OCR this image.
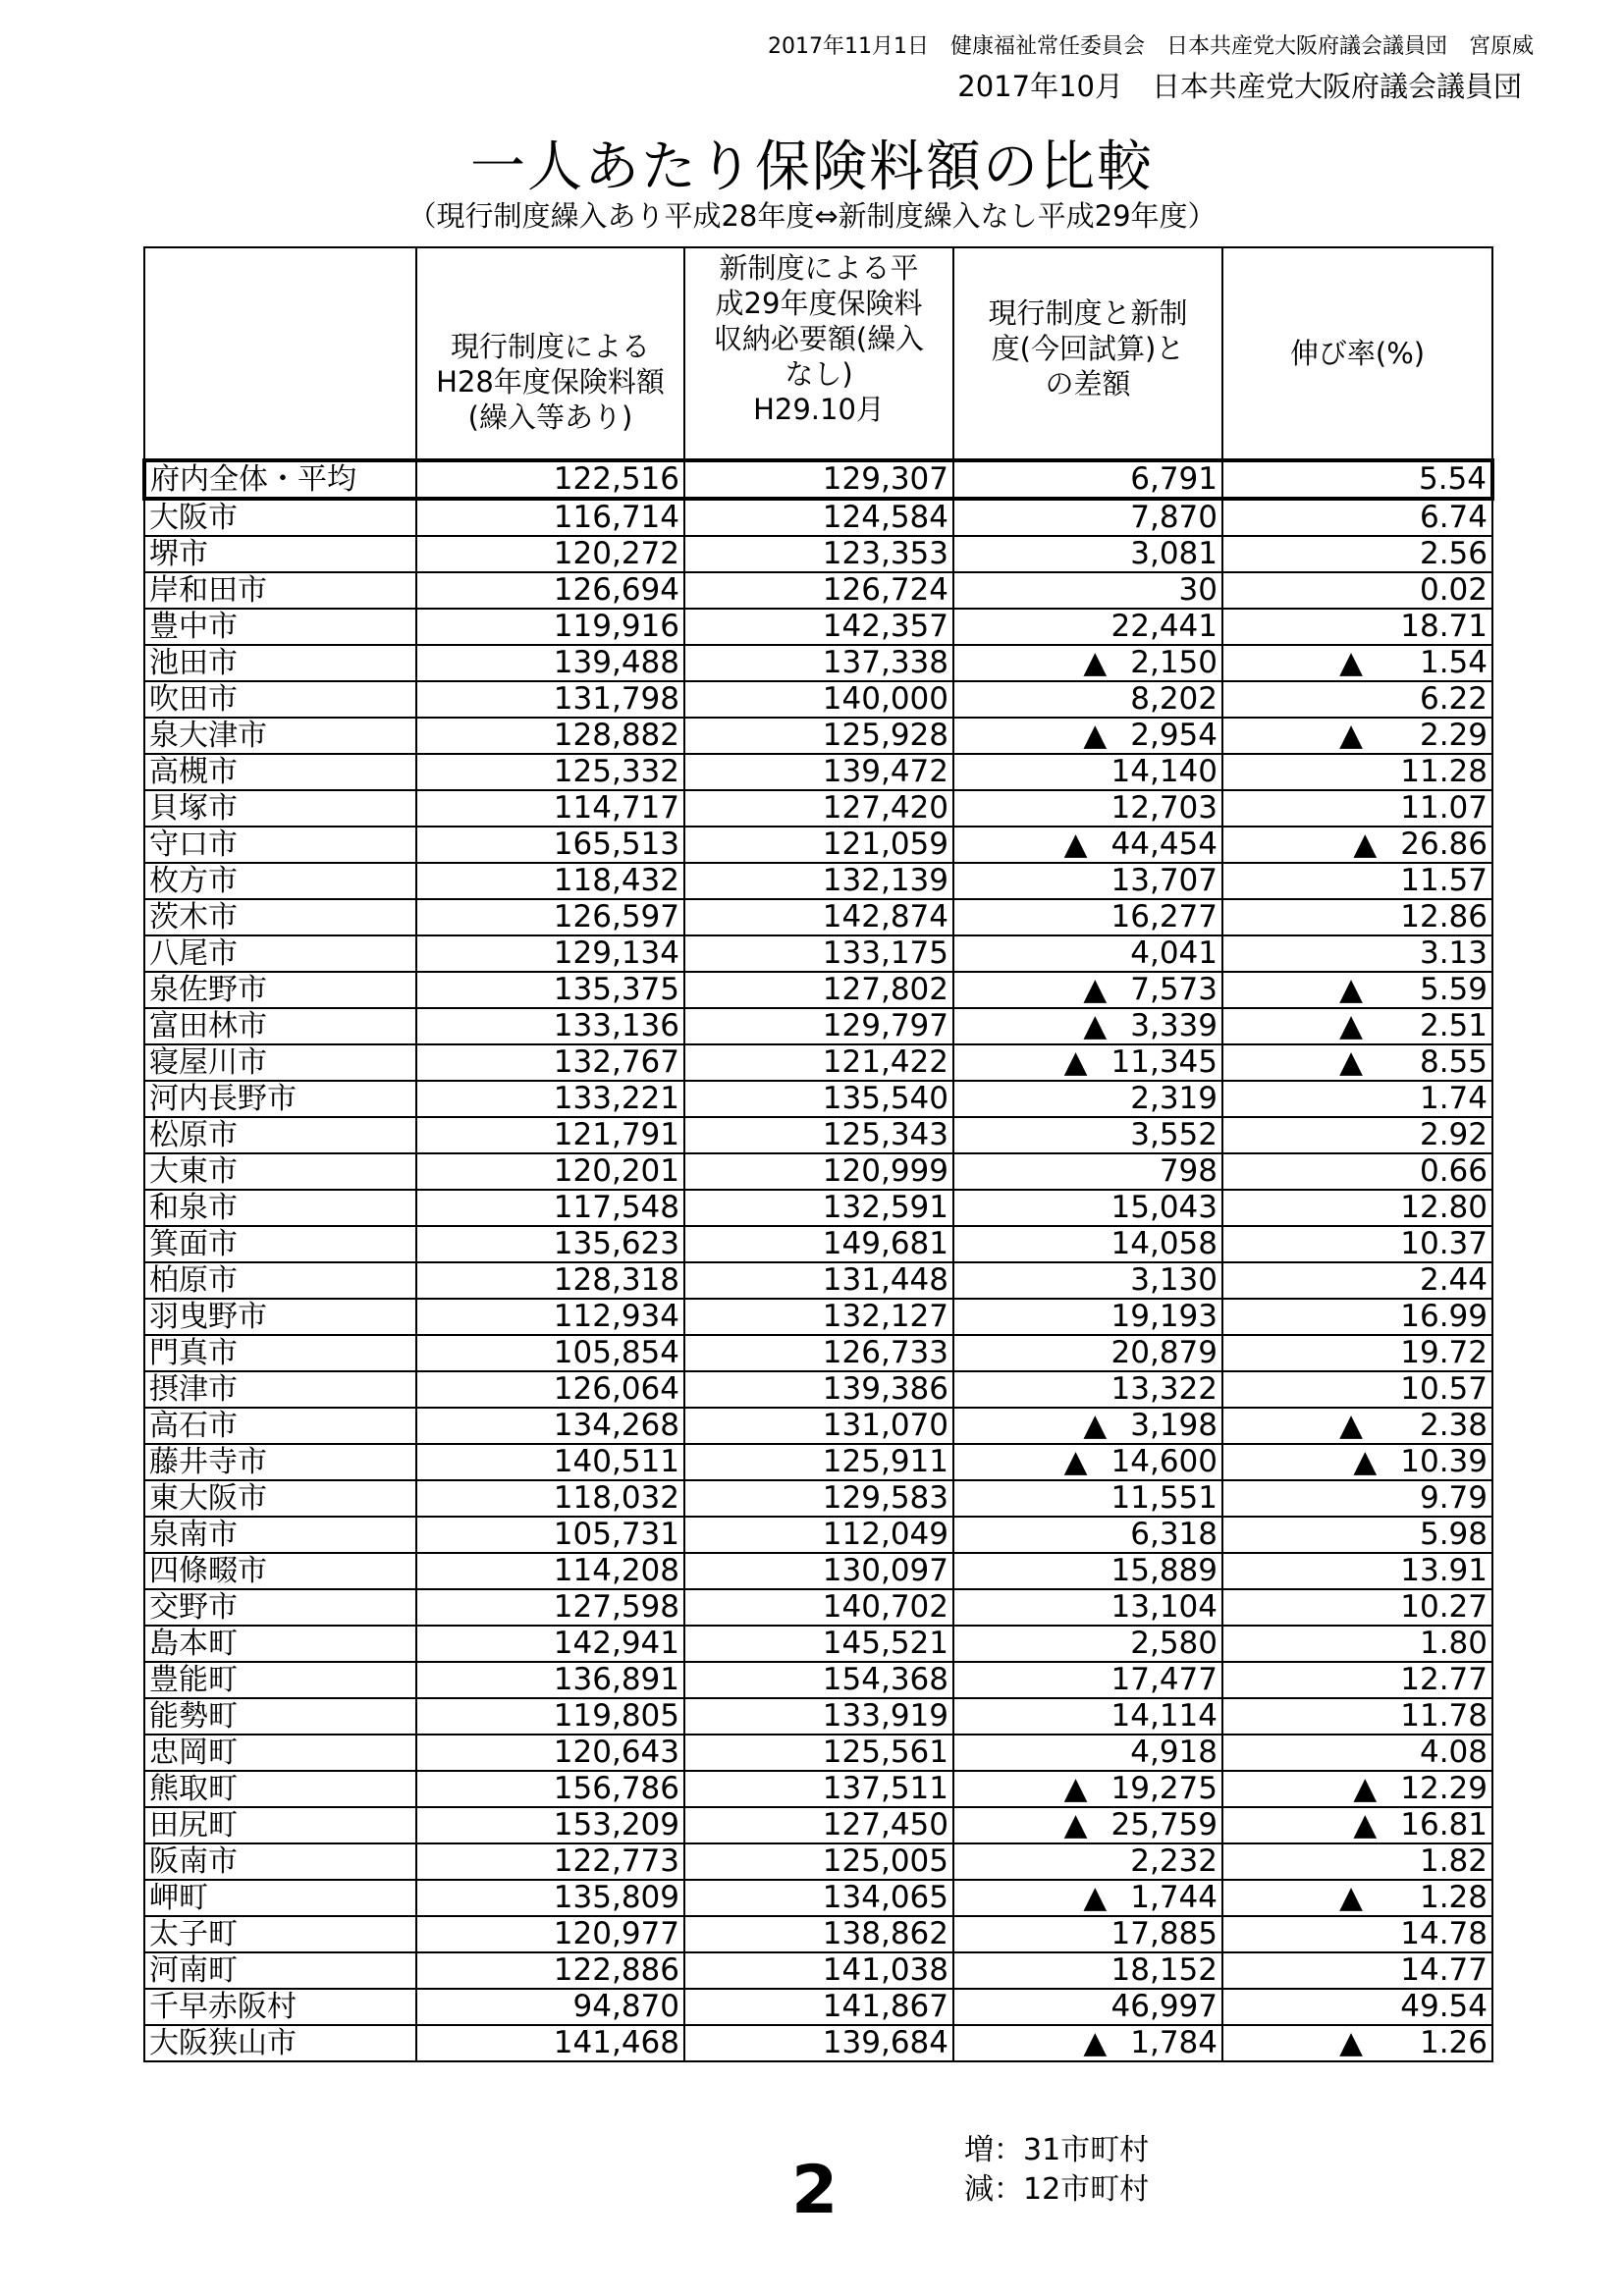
2017年11月1日　健康福祉常任委員会　日本共産党大阪府議会議員団　宮原威
2017年10月　日本共産党大阪府議会議員団
一人あたり保険料額の比較
（現行制度繰入あり平成28年度⇔新制度繰入なし平成29年度）
	現行制度による
H28年度保険料額
(繰入等あり)	新制度による平
成29年度保険料
収納必要額(繰入
なし)
H29.10月	現行制度と新制
度(今回試算)と
の差額	伸び率(%)
府内全体・平均	122,516	129,307	6,791	5.54
大阪市	116,714	124,584	7,870	6.74
堺市	120,272	123,353	3,081	2.56
岸和田市	126,694	126,724	30	0.02
豊中市	119,916	142,357	22,441	18.71
池田市	139,488	137,338	▲ 2,150	▲ 1.54
吹田市	131,798	140,000	8,202	6.22
泉大津市	128,882	125,928	▲ 2,954	▲ 2.29
高槻市	125,332	139,472	14,140	11.28
貝塚市	114,717	127,420	12,703	11.07
守口市	165,513	121,059	▲ 44,454	▲ 26.86
枚方市	118,432	132,139	13,707	11.57
茨木市	126,597	142,874	16,277	12.86
八尾市	129,134	133,175	4,041	3.13
泉佐野市	135,375	127,802	▲ 7,573	▲ 5.59
富田林市	133,136	129,797	▲ 3,339	▲ 2.51
寝屋川市	132,767	121,422	▲ 11,345	▲ 8.55
河内長野市	133,221	135,540	2,319	1.74
松原市	121,791	125,343	3,552	2.92
大東市	120,201	120,999	798	0.66
和泉市	117,548	132,591	15,043	12.80
箕面市	135,623	149,681	14,058	10.37
柏原市	128,318	131,448	3,130	2.44
羽曳野市	112,934	132,127	19,193	16.99
門真市	105,854	126,733	20,879	19.72
摂津市	126,064	139,386	13,322	10.57
高石市	134,268	131,070	▲ 3,198	▲ 2.38
藤井寺市	140,511	125,911	▲ 14,600	▲ 10.39
東大阪市	118,032	129,583	11,551	9.79
泉南市	105,731	112,049	6,318	5.98
四條畷市	114,208	130,097	15,889	13.91
交野市	127,598	140,702	13,104	10.27
島本町	142,941	145,521	2,580	1.80
豊能町	136,891	154,368	17,477	12.77
能勢町	119,805	133,919	14,114	11.78
忠岡町	120,643	125,561	4,918	4.08
熊取町	156,786	137,511	▲ 19,275	▲ 12.29
田尻町	153,209	127,450	▲ 25,759	▲ 16.81
阪南市	122,773	125,005	2,232	1.82
岬町	135,809	134,065	▲ 1,744	▲ 1.28
太子町	120,977	138,862	17,885	14.78
河南町	122,886	141,038	18,152	14.77
千早赤阪村	94,870	141,867	46,997	49.54
大阪狭山市	141,468	139,684	▲ 1,784	▲ 1.26
増：31市町村
減：12市町村
2
